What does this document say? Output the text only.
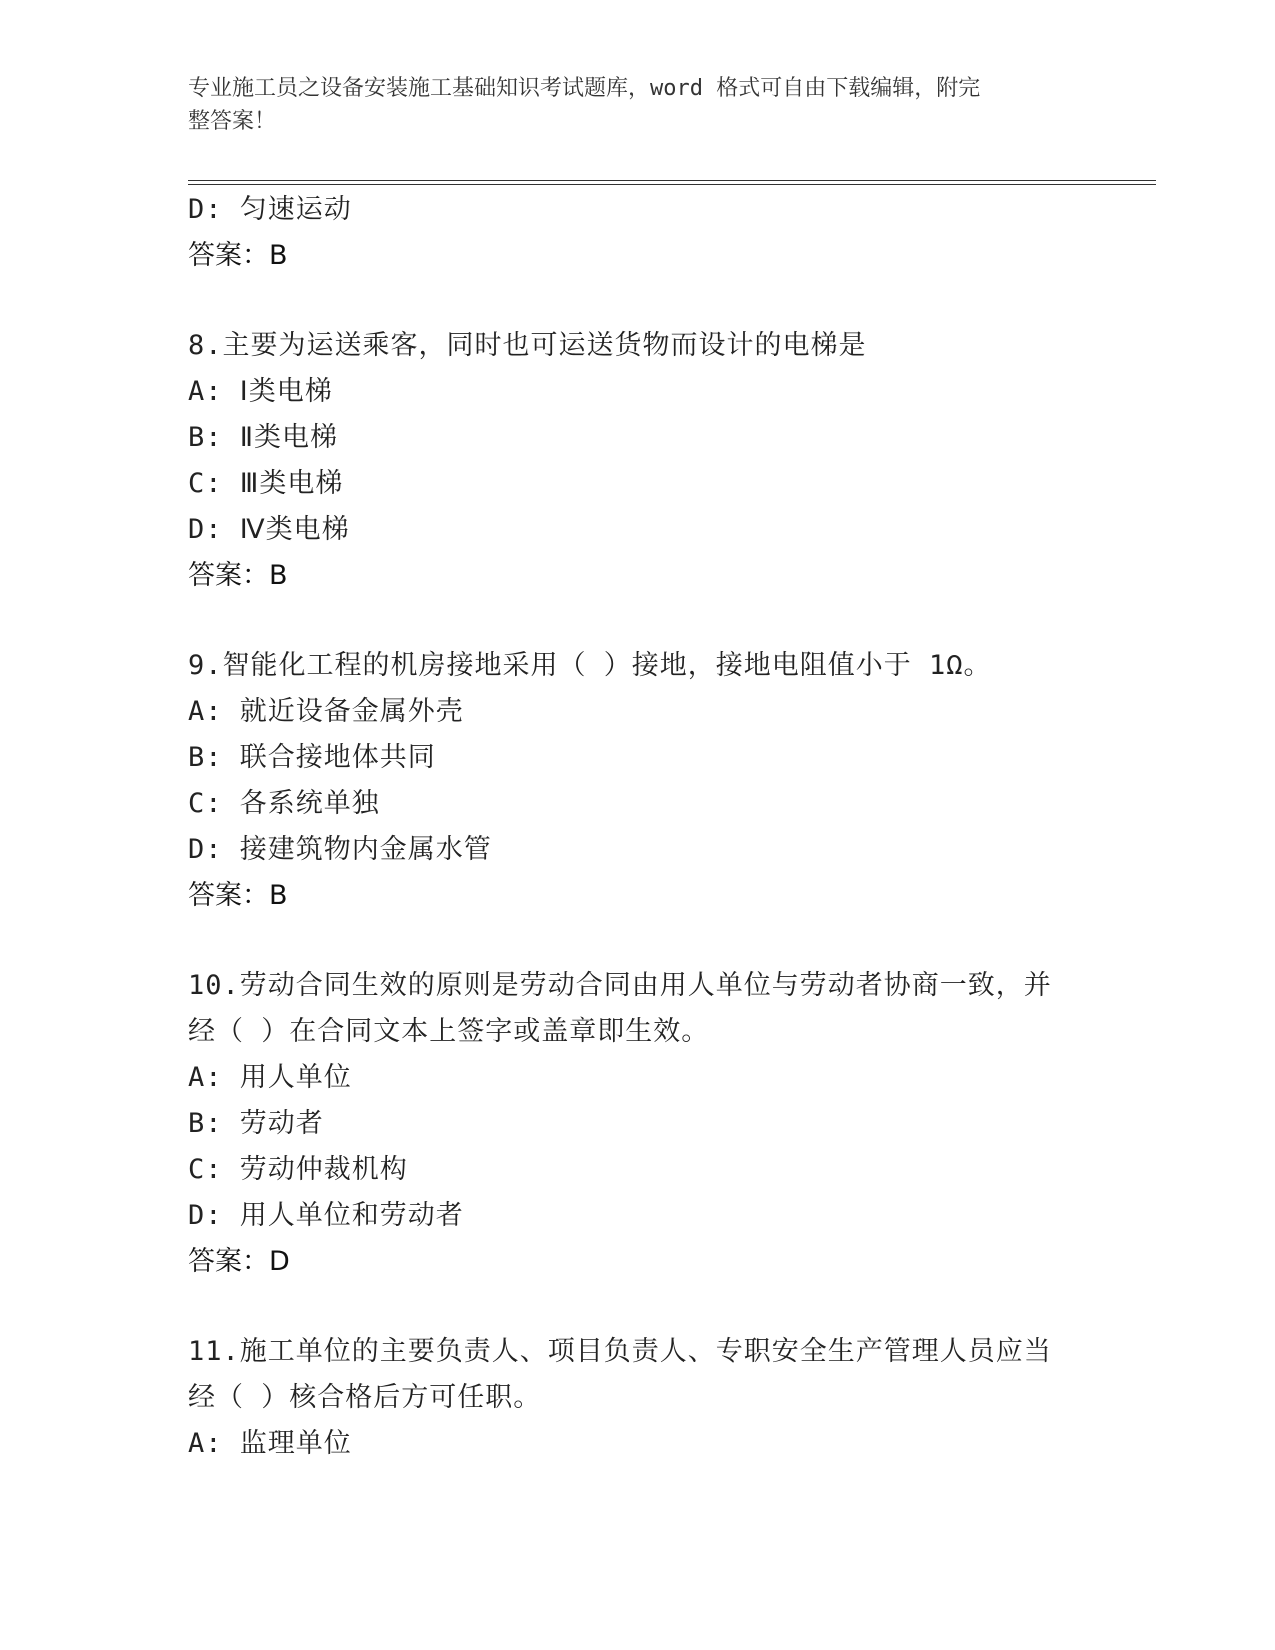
专业施工员之设备安装施工基础知识考试题库，word 格式可自由下载编辑，附完
整答案！
D: 匀速运动
答案：B
8.主要为运送乘客，同时也可运送货物而设计的电梯是
A: Ⅰ类电梯
B: Ⅱ类电梯
C: Ⅲ类电梯
D: Ⅳ类电梯
答案：B
9.智能化工程的机房接地采用（ ）接地，接地电阻值小于 1Ω。
A: 就近设备金属外壳
B: 联合接地体共同
C: 各系统单独
D: 接建筑物内金属水管
答案：B
10.劳动合同生效的原则是劳动合同由用人单位与劳动者协商一致，并
经（ ）在合同文本上签字或盖章即生效。
A: 用人单位
B: 劳动者
C: 劳动仲裁机构
D: 用人单位和劳动者
答案：D
11.施工单位的主要负责人、项目负责人、专职安全生产管理人员应当
经（ ）核合格后方可任职。
A: 监理单位
